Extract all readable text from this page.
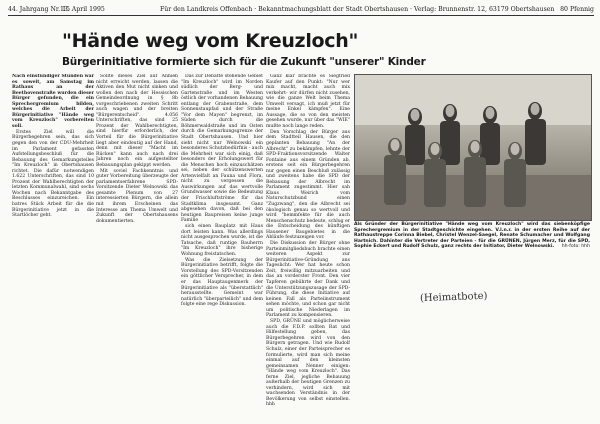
44. Jahrgang Nr. 15
13. April 1995	Für den Landkreis Offenbach · Bekanntmachungsblatt der Stadt Obertshausen · Verlag: Brunnenstr. 12, 63179 Obertshausen 80 Pfennig
"Hände weg vom Kreuzloch"
Bürgerinitiative formierte sich für die Zukunft "unserer" Kinder

Nach einstündiger Stunden war es soweit, am Samstag im Rathaus an der Beethovenstraße wurden dieser Bürger gefunden, die ein Sprechergremium bilden, welches die Arbeit der Bürgerinitiative "Hände weg vom Kreuzloch" vorbereiten soll.

Erstes Ziel will die Bürgerbegehren sein, das sich gegen den von der CDU-Mehrheit im Parlament gefassten Aufstellungsbeschluß für die Bebauung des Gemarkungsteiles "Im Kreuzloch" in Obertshausen richtet. Die dafür notwendigen 1.622 Unterschriften, das sind 10 Prozent der Wahlberechtigten der letzten Kommunalwahl, sind sechs Wochen nach Bekanntgabe des Beschlusses einzureichen. Ein batres Stück Arbeit für die die Bürgerinitiative jetzt in die Startlöcher geht.

Sollte dieses Ziel auf Anhieb nicht erreicht werden, lassen die Aktiven den Mut nicht sinken und wollen den nach der Hessischen Gemeindeordnung in § 8b vorgeschriebenen zweiten Schritt auch wagen und der breiten "Bürgerentscheid". 4.056 Unterschriften, das sind 25 Prozent der Wahlberechtigten, sind hierfür erforderlich, der Vorteil für die Bürgerinitiative liegt aber eindeutig auf der Hand, denn mit dieser "Macht im Rücken" kann auch nach drei Jahren noch ein aufgestellter Bebauungsplan gekippt werden.

Mit soviel Fachkenntnis und guter Vorbereitung überzeugte der parlamentserfahrene SPD-Vorsitzende Dieter Welnowski das gesamte Plenum von 27 interessierten Bürgern, die allein mit ihrem Erscheinen das Interesse am Thema Umwelt und Zukunft der Obertshausens dokumentierten.

Das zur Debatte stehende Gebiet "Im Kreuzloch" wird im Norden südlich der Berg- und Gartenstraße und im Westen östlich der vorhandenen Bebauung entlang der Grabenstraße, dem Sonnenstaupfad und der Straße "Vor dem Mayen" begrenzt, im Süden durch die Böhmerwaldstraße und im Osten durch die Gemarkungsgrenze der Stadt Obertshausen. Und hier sieht nicht nur Welnowski ein besonderes Schutzbedürfnis - auch die Mehrheit war sich einig, daß besonders der Erholungswert für die Menschen hoch einzuschätzen sei, neben der schützenswerten Artenvielfalt an Fauna und Flora, nicht zu vergessen die Auswirkungen auf das wertvolle Grundwasser sowie die Bedeutung der Frischluftströme für das Stadtklima insgesamt. Ganz abgesehen davon, daß bei den heutigen Baupreisen keine junge Familie

sich einen Bauplatz mit Haus dort leisten kann. Was allerdings nicht ausgesprochen wurde, ist die Tatsache, daß runtige Bauherrn "Im Kreuzloch" ihre bisherige Wohnung freistatschen.

Was die Zielsetzung der Bürgerinitiative betrifft, folgte die Vorstellung des SPD-Vorsitzenden ein göttlicher Versprecher, in dem er das Hauptaugenmerk der Bürgerinitiative als "überstattlich" herausstellte. Gemeint war natürlich "überparteilich" und dem folgte eine rege Diskussion.

Ganz klar brachte es Siegfried Kaufer auf den Punkt: "Nur wer mix macht, macht auch mix verkehrt- wir dürfen nicht zusehen, wie die ganze Welt beim Thema Umwelt versagt, ich muß jetzt für meine Enkel kämpfen". Eine Aussage, die so von den meisten gesehen wurde, nur über das "WIE" mußte noch lange reden.

Den Vorschlag der Bürger aus dem Stadtteil Hausen, die den geplanten Bebauung "An der Albrecht" zu bekämpfen, lehnte der SPD-Fraktionsvorsitzende Walter Fontaine aus einem Gründen ab, erstens seit ein Bürgerbegehren nur gegen einen Beschluß zulässig und zweitens habe die SPD der Bebauung der Albrecht im Parlament zugestimmt. Hier sah Klaus Weirich vom Naturschutzbund einen "Zugzwang", den die Albrecht sei ökologisch genau so wertvoll und wird "hemmfekte für die auch Menschenschutz bedeute, schlug er die Entscheidung des künftigen Hausener Baugebietes in die Abläufe festzuzeigen vor.

Die Diskussion der Bürger ohne Parteinmitgliedsbuch brachte einen weiteren Aspekt zur Bürgerinitiative-Gründung ans Tageslicht: Wer hat heute schon Zeit, freiwillig mitzuarbeiten und das an vorderster Front. Den vier Tapferen gebührte der Dank und die Unterstützungszusage der SPD-Führung, die diese Initiative auf keinen Fall als Parteiinstrument sehen möchte, und schon gar nicht um politische Niederlagen im Parlament zu kompensieren.

SPD, GRÜNE und möglicherweise auch die F.D.P. sollten Rat und Hilfestellung geben, das Bürgerbegehren wird von den Bürgern getragen. Und wie Rudolf Schulz, einer der Parteisprecher es formulierte, wird man sich meine einmal auf den kleinsten gemeinsamen Nenner einigen: "Hände weg vom Kreuzloch". Das ferne Ziel, jegliche Bebauung außerhalb der heutigen Grenzen zu verhindern, wird sich mit wachsenden Verständnis in der Bevölkerung von selbst einstellen. hhh

Als Gründer der Bürgerinitiative "Hände weg vom Kreuzloch" wird das siebenköpfige Sprechergremium in der Stadtgeschichte eingehen. V.l.n.r. in der ersten Reihe auf der Rathaustreppe Corinna Biebel, Christel Wenzel-Saegel, Renate Schumacher und Wolfgang Hartnich. Dahinter die Vertreter der Parteien - für die GRÜNEN, Jürgen Merz, für die SPD, Sophie Eckert und Rudolf Schulz, ganz rechts der Initiator, Dieter Welnowski. hh-foto: hhh
(Heimatbote)
